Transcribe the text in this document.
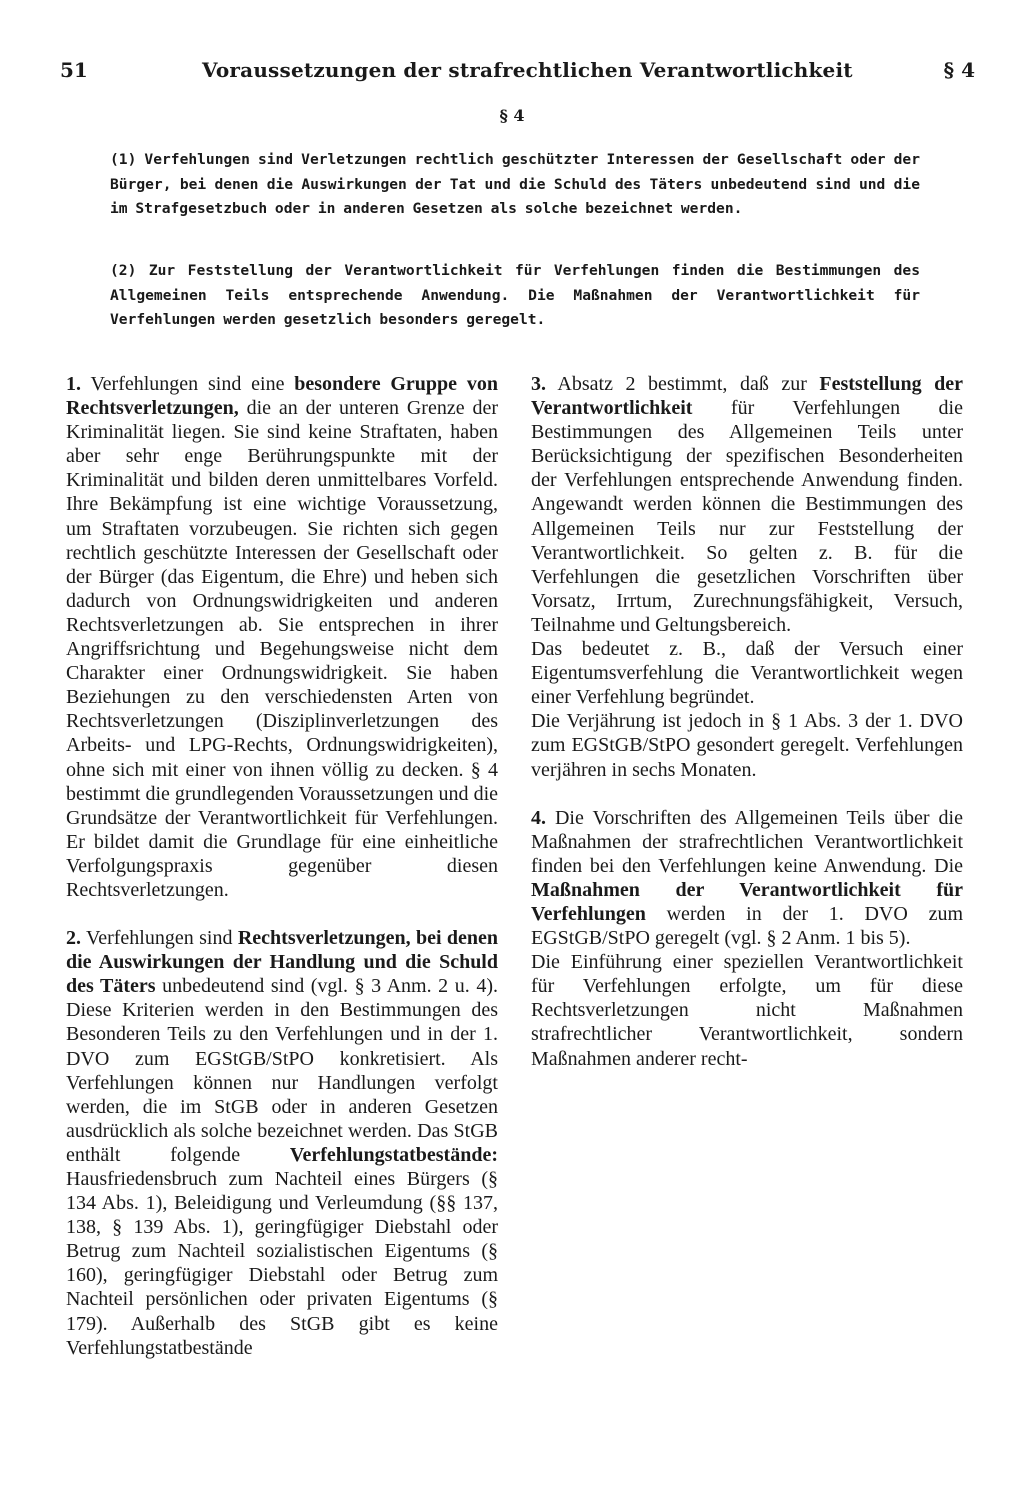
51	Voraussetzungen der strafrechtlichen Verantwortlichkeit	§ 4
§ 4
(1) Verfehlungen sind Verletzungen rechtlich geschützter Interessen der Gesellschaft oder der Bürger, bei denen die Auswirkungen der Tat und die Schuld des Täters unbedeutend sind und die im Strafgesetzbuch oder in anderen Gesetzen als solche bezeichnet werden.
(2) Zur Feststellung der Verantwortlichkeit für Verfehlungen finden die Bestimmungen des Allgemeinen Teils entsprechende Anwendung. Die Maßnahmen der Verantwortlichkeit für Verfehlungen werden gesetzlich besonders geregelt.

1. Verfehlungen sind eine besondere Gruppe von Rechtsverletzungen, die an der unteren Grenze der Kriminalität liegen. Sie sind keine Straftaten, haben aber sehr enge Berührungspunkte mit der Kriminalität und bilden deren unmittelbares Vorfeld. Ihre Bekämpfung ist eine wichtige Voraussetzung, um Straftaten vorzubeugen. Sie richten sich gegen rechtlich geschützte Interessen der Gesellschaft oder der Bürger (das Eigentum, die Ehre) und heben sich dadurch von Ordnungswidrigkeiten und anderen Rechtsverletzungen ab. Sie entsprechen in ihrer Angriffsrichtung und Begehungsweise nicht dem Charakter einer Ordnungswidrigkeit. Sie haben Beziehungen zu den verschiedensten Arten von Rechtsverletzungen (Disziplinverletzungen des Arbeits- und LPG-Rechts, Ordnungswidrigkeiten), ohne sich mit einer von ihnen völlig zu decken. § 4 bestimmt die grundlegenden Voraussetzungen und die Grundsätze der Verantwortlichkeit für Verfehlungen. Er bildet damit die Grundlage für eine einheitliche Verfolgungspraxis gegenüber diesen Rechtsverletzungen.

2. Verfehlungen sind Rechtsverletzungen, bei denen die Auswirkungen der Handlung und die Schuld des Täters unbedeutend sind (vgl. § 3 Anm. 2 u. 4). Diese Kriterien werden in den Bestimmungen des Besonderen Teils zu den Verfehlungen und in der 1. DVO zum EGStGB/StPO konkretisiert. Als Verfehlungen können nur Handlungen verfolgt werden, die im StGB oder in anderen Gesetzen ausdrücklich als solche bezeichnet werden. Das StGB enthält folgende Verfehlungstatbestände: Hausfriedensbruch zum Nachteil eines Bürgers (§ 134 Abs. 1), Beleidigung und Verleumdung (§§ 137, 138, § 139 Abs. 1), geringfügiger Diebstahl oder Betrug zum Nachteil sozialistischen Eigentums (§ 160), geringfügiger Diebstahl oder Betrug zum Nachteil persönlichen oder privaten Eigentums (§ 179). Außerhalb des StGB gibt es keine Verfehlungstatbestände

3. Absatz 2 bestimmt, daß zur Feststellung der Verantwortlichkeit für Verfehlungen die Bestimmungen des Allgemeinen Teils unter Berücksichtigung der spezifischen Besonderheiten der Verfehlungen entsprechende Anwendung finden. Angewandt werden können die Bestimmungen des Allgemeinen Teils nur zur Feststellung der Verantwortlichkeit. So gelten z. B. für die Verfehlungen die gesetzlichen Vorschriften über Vorsatz, Irrtum, Zurechnungsfähigkeit, Versuch, Teilnahme und Geltungsbereich.

Das bedeutet z. B., daß der Versuch einer Eigentumsverfehlung die Verantwortlichkeit wegen einer Verfehlung begründet.

Die Verjährung ist jedoch in § 1 Abs. 3 der 1. DVO zum EGStGB/StPO gesondert geregelt. Verfehlungen verjähren in sechs Monaten.

4. Die Vorschriften des Allgemeinen Teils über die Maßnahmen der strafrechtlichen Verantwortlichkeit finden bei den Verfehlungen keine Anwendung. Die Maßnahmen der Verantwortlichkeit für Verfehlungen werden in der 1. DVO zum EGStGB/StPO geregelt (vgl. § 2 Anm. 1 bis 5).

Die Einführung einer speziellen Verantwortlichkeit für Verfehlungen erfolgte, um für diese Rechtsverletzungen nicht Maßnahmen strafrechtlicher Verantwortlichkeit, sondern Maßnahmen anderer recht-
